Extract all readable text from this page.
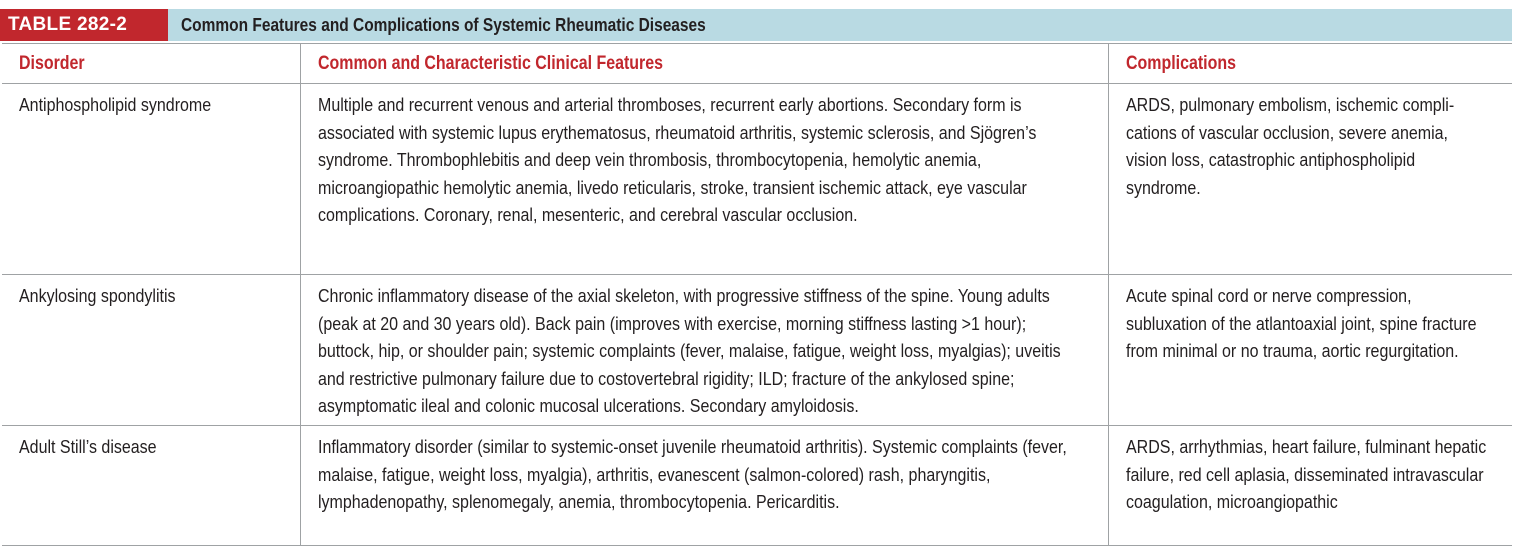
TABLE 282-2	Common Features and Complications of Systemic Rheumatic Diseases
Disorder	Common and Characteristic Clinical Features	Complications

Antiphospholipid syndrome	Multiple and recurrent venous and arterial thromboses, recurrent early abortions. Secondary form is associated with systemic lupus erythematosus, rheumatoid arthritis, systemic sclerosis, and Sjögren’s syndrome. Thrombophlebitis and deep vein thrombosis, thrombocytopenia, hemolytic anemia, microangiopathic hemolytic anemia, livedo reticularis, stroke, transient ischemic attack, eye vascular complications. Coronary, renal, mesenteric, and cerebral vascular occlusion.	ARDS, pulmonary embolism, ischemic complications of vascular occlusion, severe anemia, vision loss, catastrophic antiphospholipid syndrome.

Ankylosing spondylitis	Chronic inflammatory disease of the axial skeleton, with progressive stiffness of the spine. Young adults (peak at 20 and 30 years old). Back pain (improves with exercise, morning stiffness lasting >1 hour); buttock, hip, or shoulder pain; systemic complaints (fever, malaise, fatigue, weight loss, myalgias); uveitis and restrictive pulmonary failure due to costovertebral rigidity; ILD; fracture of the ankylosed spine; asymptomatic ileal and colonic mucosal ulcerations. Secondary amyloidosis.	Acute spinal cord or nerve compression, subluxation of the atlantoaxial joint, spine fracture from minimal or no trauma, aortic regurgitation.

Adult Still’s disease	Inflammatory disorder (similar to systemic-onset juvenile rheumatoid arthritis). Systemic complaints (fever, malaise, fatigue, weight loss, myalgia), arthritis, evanescent (salmon-colored) rash, pharyngitis, lymphadenopathy, splenomegaly, anemia, thrombocytopenia. Pericarditis.	ARDS, arrhythmias, heart failure, fulminant hepatic failure, red cell aplasia, disseminated intravascular coagulation, microangiopathic
